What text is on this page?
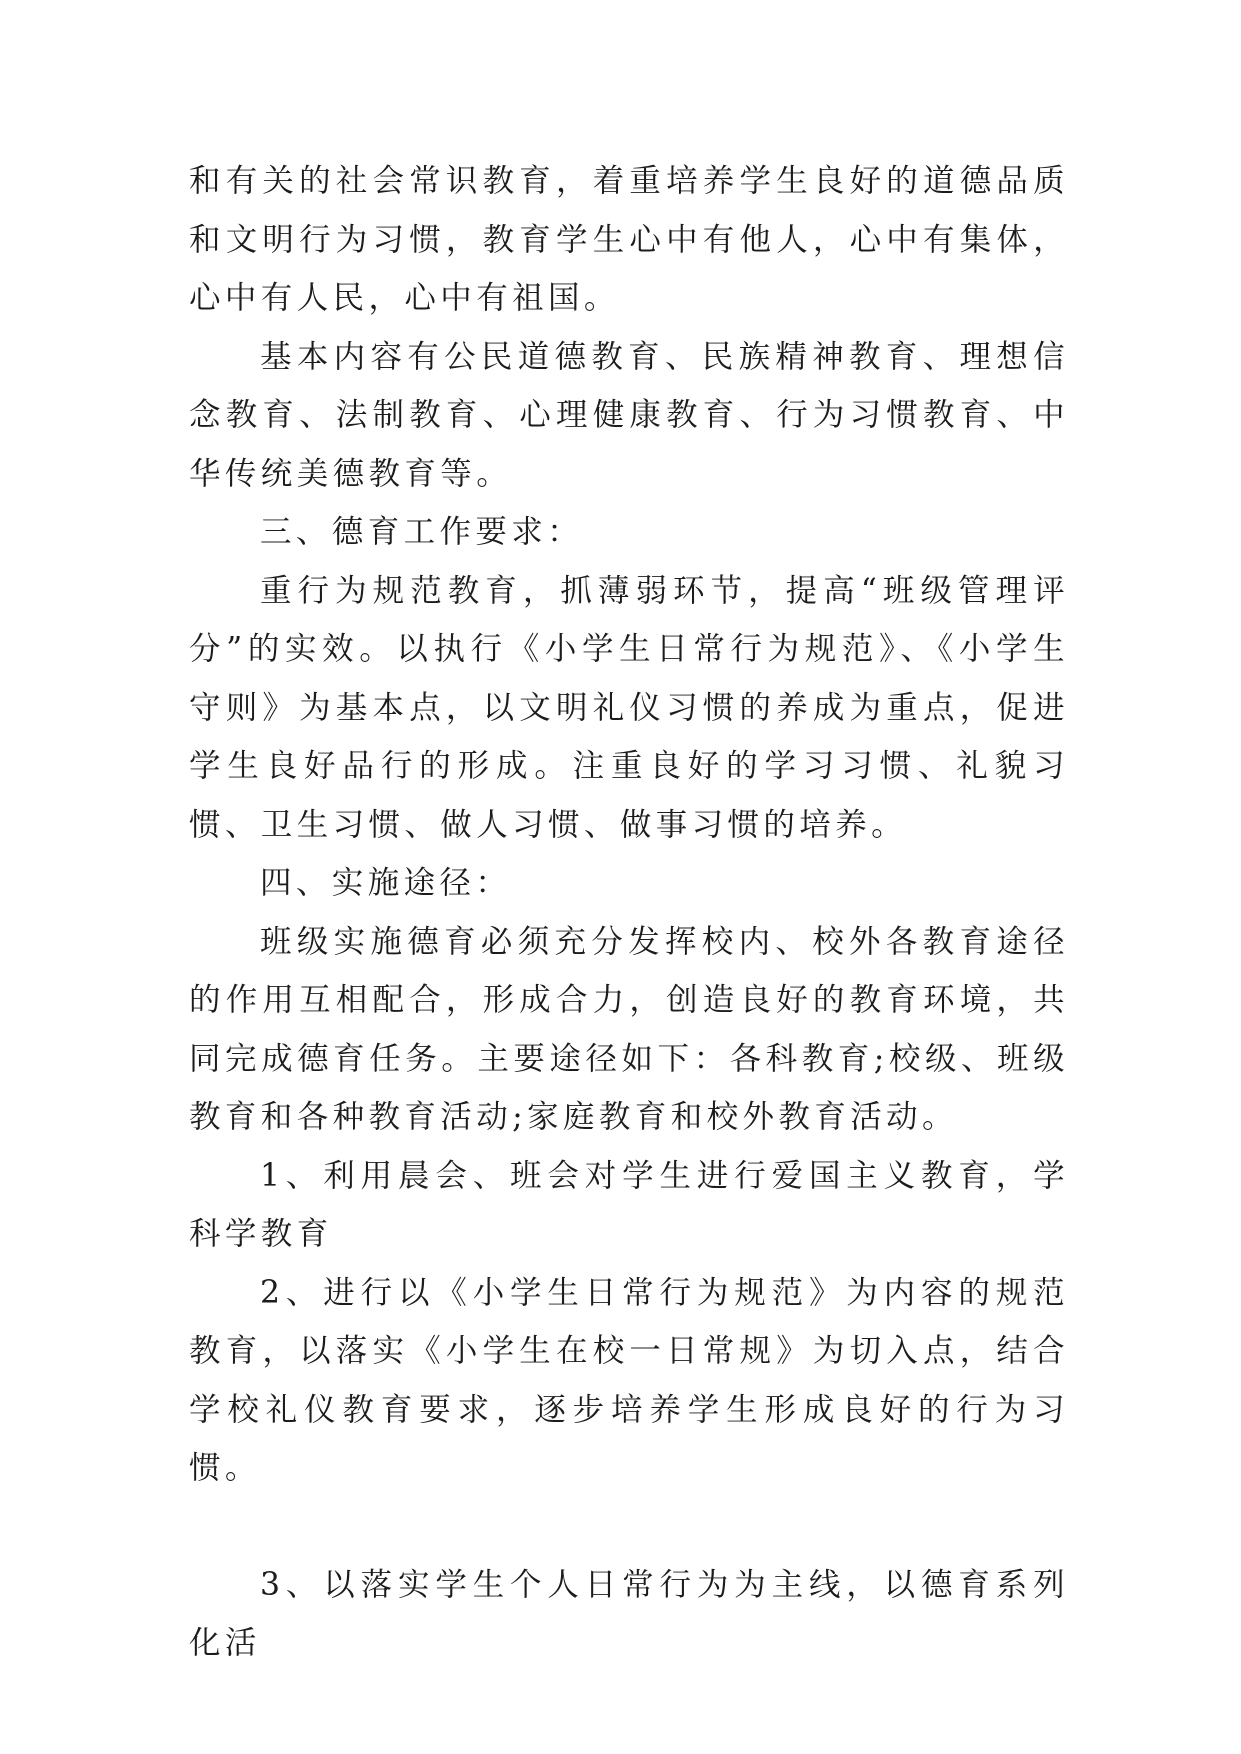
和有关的社会常识教育，着重培养学生良好的道德品质和文明行为习惯，教育学生心中有他人，心中有集体，心中有人民，心中有祖国。

基本内容有公民道德教育、民族精神教育、理想信念教育、法制教育、心理健康教育、行为习惯教育、中华传统美德教育等。

三、德育工作要求：

重行为规范教育，抓薄弱环节，提高“班级管理评分”的实效。以执行《小学生日常行为规范》、《小学生守则》为基本点，以文明礼仪习惯的养成为重点，促进学生良好品行的形成。注重良好的学习习惯、礼貌习惯、卫生习惯、做人习惯、做事习惯的培养。

四、实施途径：

班级实施德育必须充分发挥校内、校外各教育途径的作用互相配合，形成合力，创造良好的教育环境，共同完成德育任务。主要途径如下：各科教育;校级、班级教育和各种教育活动;家庭教育和校外教育活动。

1、利用晨会、班会对学生进行爱国主义教育，学科学教育

2、进行以《小学生日常行为规范》为内容的规范教育，以落实《小学生在校一日常规》为切入点，结合学校礼仪教育要求，逐步培养学生形成良好的行为习惯。

3、以落实学生个人日常行为为主线，以德育系列化活
